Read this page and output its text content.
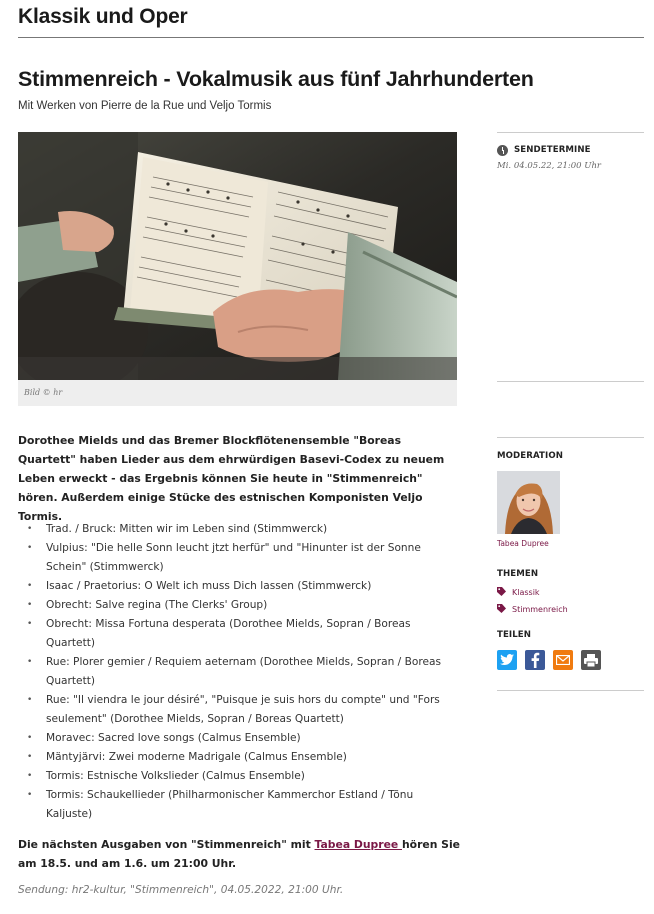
Klassik und Oper
Stimmenreich - Vokalmusik aus fünf Jahrhunderten
Mit Werken von Pierre de la Rue und Veljo Tormis
Bild © hr
Dorothee Mields und das Bremer Blockflötenensemble "Boreas Quartett" haben Lieder aus dem ehrwürdigen Basevi-Codex zu neuem Leben erweckt - das Ergebnis können Sie heute in "Stimmenreich" hören. Außerdem einige Stücke des estnischen Komponisten Veljo Tormis.
• Trad. / Bruck: Mitten wir im Leben sind (Stimmwerck)
• Vulpius: "Die helle Sonn leucht jtzt herfür" und "Hinunter ist der Sonne Schein" (Stimmwerck)
• Isaac / Praetorius: O Welt ich muss Dich lassen (Stimmwerck)
• Obrecht: Salve regina (The Clerks' Group)
• Obrecht: Missa Fortuna desperata (Dorothee Mields, Sopran / Boreas Quartett)
• Rue: Plorer gemier / Requiem aeternam (Dorothee Mields, Sopran / Boreas Quartett)
• Rue: "Il viendra le jour désiré", "Puisque je suis hors du compte" und "Fors seulement" (Dorothee Mields, Sopran / Boreas Quartett)
• Moravec: Sacred love songs (Calmus Ensemble)
• Mäntyjärvi: Zwei moderne Madrigale (Calmus Ensemble)
• Tormis: Estnische Volkslieder (Calmus Ensemble)
• Tormis: Schaukellieder (Philharmonischer Kammerchor Estland / Tõnu Kaljuste)
Die nächsten Ausgaben von "Stimmenreich" mit Tabea Dupree hören Sie am 18.5. und am 1.6. um 21:00 Uhr.
Sendung: hr2-kultur, "Stimmenreich", 04.05.2022, 21:00 Uhr.
SENDETERMINE
Mi. 04.05.22, 21:00 Uhr
MODERATION
Tabea Dupree
THEMEN
Klassik
Stimmenreich
TEILEN
